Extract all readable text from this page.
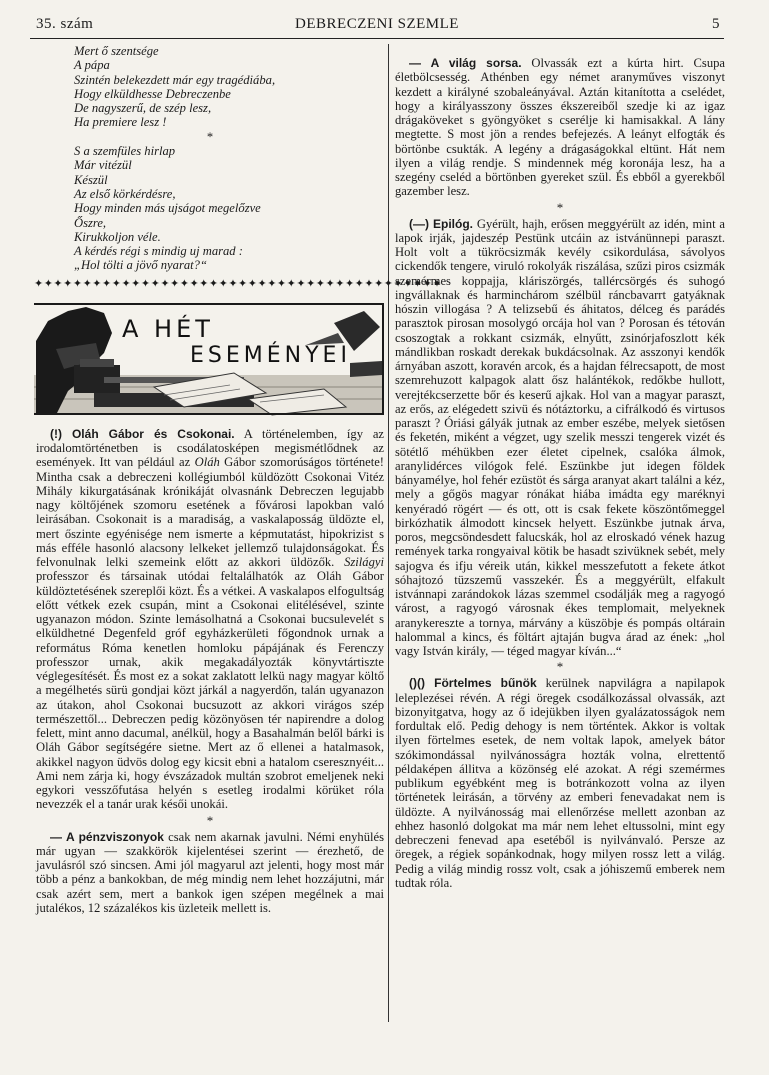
35. szám	DEBRECZENI SZEMLE	5
Mert ő szentsége
A pápa
Szintén belekezdett már egy tragédiába,
Hogy elküldhesse Debreczenbe
De nagyszerű, de szép lesz,
Ha premiere lesz !
*
S a szemfüles hirlap
Már vitézül
Készül
Az első körkérdésre,
Hogy minden más ujságot megelőzve
Őszre,
Kirukkoljon véle.
A kérdés régi s mindig uj marad :
„Hol tölti a jövő nyarat?“
✦✦✦✦✦✦✦✦✦✦✦✦✦✦✦✦✦✦✦✦✦✦✦✦✦✦✦✦✦✦✦✦✦✦✦✦✦✦✦✦✦✦
A HÉT
ESEMÉNYEI

(!) Oláh Gábor és Csokonai. A történelemben, így az irodalomtörténetben is csodálatosképen megismétlődnek az események. Itt van például az Oláh Gábor szomorúságos története! Mintha csak a debreczeni kollégiumból küldözött Csokonai Vitéz Mihály kikurgatásának krónikáját olvasnánk Debreczen legujabb nagy költőjének szomoru esetének a fővárosi lapokban való leirásában. Csokonait is a maradiság, a vaskalaposság üldözte el, mert őszinte egyénisége nem ismerte a képmutatást, hipokrizist s más efféle hasonló alacsony lelkeket jellemző tulajdonságokat. És felvonulnak lelki szemeink előtt az akkori üldözők. Szilágyi professzor és társainak utódai feltalálhatók az Oláh Gábor küldöztetésének szereplői közt. És a vétkei. A vaskalapos elfogultság előtt vétkek ezek csupán, mint a Csokonai elitélésével, szinte ugyanazon módon. Szinte lemásolhatná a Csokonai bucsulevelét s elküldhetné Degenfeld gróf egyházkerületi főgondnok urnak a református Róma kenetlen homloku pápájának és Ferenczy professzor urnak, akik megakadályozták könyvtártiszte véglegesítését. És most ez a sokat zaklatott lelkü nagy magyar költő a megélhetés sürü gondjai közt járkál a nagyerdőn, talán ugyanazon az útakon, ahol Csokonai bucsuzott az akkori virágos szép természettől... Debreczen pedig közönyösen tér napirendre a dolog felett, mint anno dacumal, anélkül, hogy a Basahalmán belől bárki is Oláh Gábor segítségére sietne. Mert az ő ellenei a hatalmasok, akikkel nagyon üdvös dolog egy kicsit ebni a hatalom cseresznyéit... Ami nem zárja ki, hogy évszázadok multán szobrot emeljenek neki egykori vesszőfutása helyén s esetleg irodalmi körüket róla nevezzék el a tanár urak késői unokái.

*

— A pénzviszonyok csak nem akarnak javulni. Némi enyhülés már ugyan — szakkörök kijelentései szerint — érezhető, de javulásról szó sincsen. Ami jól magyarul azt jelenti, hogy most már több a pénz a bankokban, de még mindig nem lehet hozzájutni, már csak azért sem, mert a bankok igen szépen megélnek a mai jutalékos, 12 százalékos kis üzleteik mellett is.

— A világ sorsa. Olvassák ezt a kúrta hirt. Csupa életbölcsesség. Athénben egy német aranyműves viszonyt kezdett a királyné szobaleányával. Aztán kitanította a cselédet, hogy a királyasszony összes ékszereiből szedje ki az igaz drágaköveket s gyöngyöket s cserélje ki hamisakkal. A lány megtette. S most jön a rendes befejezés. A leányt elfogták és börtönbe csukták. A legény a drágaságokkal eltünt. Hát nem ilyen a világ rendje. S mindennek még koronája lesz, ha a szegény cseléd a börtönben gyereket szül. És ebből a gyerekből gazember lesz.

*

(—) Epilóg. Gyérült, hajh, erősen meggyérült az idén, mint a lapok irják, jajdeszép Pestünk utcáin az istvánünnepi paraszt. Holt volt a tükröcsizmák kevély csikordulása, sávolyos cickendők tengere, viruló rokolyák riszálása, szűzi piros csizmák szemérmes koppajja, kláriszörgés, tallércsörgés és suhogó ingvállaknak és harminchárom szélbül ráncbavarrt gatyáknak hószin villogása ? A telizsebű és áhitatos, délceg és parádés parasztok pirosan mosolygó orcája hol van ? Porosan és tétován csoszogtak a rokkant csizmák, elnyűtt, zsinórjafoszlott kék mándlikban roskadt derekak bukdácsolnak. Az asszonyi kendők árnyában aszott, koravén arcok, és a hajdan félrecsapott, de most szemrehuzott kalpagok alatt ősz halántékok, redőkbe hullott, verejtékcserzette bőr és keserű ajkak. Hol van a magyar paraszt, az erős, az elégedett szivü és nótáztorku, a cifrálkodó és virtusos paraszt ? Óriási gályák jutnak az ember eszébe, melyek sietősen és feketén, miként a végzet, ugy szelik messzi tengerek vizét és sötétlő méhükben ezer életet cipelnek, csalóka álmok, aranylidérces vilógok felé. Eszünkbe jut idegen földek bányamélye, hol fehér ezüstöt és sárga aranyat akart találni a kéz, mely a gőgös magyar rónákat hiába imádta egy maréknyi kenyéradó rögért — és ott, ott is csak fekete köszöntőmeggel birkózhatik álmodott kincsek helyett. Eszünkbe jutnak árva, poros, megcsöndesdett falucskák, hol az elroskadó vének hazug remények tarka rongyaival kötik be hasadt szivüknek sebét, mely sajogva és ifju véreik után, kikkel messzefutott a fekete átkot sóhajtozó tüzszemű vasszekér. És a meggyérült, elfakult istvánnapi zarándokok lázas szemmel csodálják meg a ragyogó várost, a ragyogó városnak ékes templomait, melyeknek aranykereszte a tornya, márvány a küszöbje és pompás oltárain halommal a kincs, és föltárt ajtaján bugva árad az ének: „hol vagy István király, — téged magyar kíván...“

*

()() Förtelmes bűnök kerülnek napvilágra a napilapok leleplezései révén. A régi öregek csodálkozással olvassák, azt bizonyitgatva, hogy az ő idejükben ilyen gyalázatosságok nem fordultak elő. Pedig dehogy is nem történtek. Akkor is voltak ilyen förtelmes esetek, de nem voltak lapok, amelyek bátor szókimondással nyilvánosságra hozták volna, elrettentő példaképen állitva a közönség elé azokat. A régi szemérmes publikum egyébként meg is botránkozott volna az ilyen történetek leirásán, a törvény az emberi fenevadakat nem is üldözte. A nyilvánosság mai ellenőrzése mellett azonban az ehhez hasonló dolgokat ma már nem lehet eltussolni, mint egy debreczeni fenevad apa esetéből is nyilvánvaló. Persze az öregek, a régiek sopánkodnak, hogy milyen rossz lett a világ. Pedig a világ mindig rossz volt, csak a jóhiszemű emberek nem tudtak róla.
